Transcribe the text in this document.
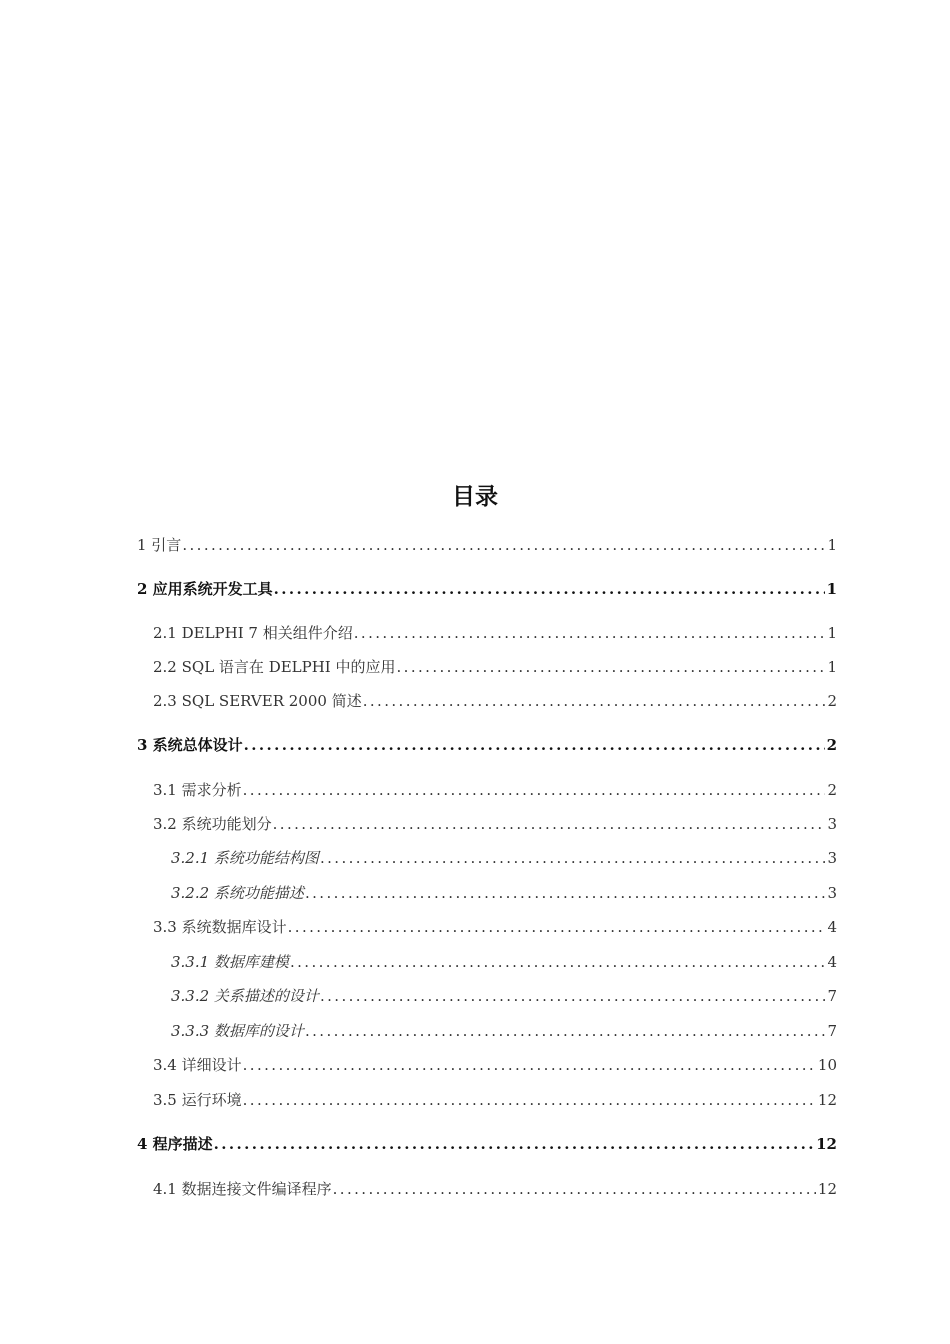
目录
1 引言 .....	1
2 应用系统开发工具 .....	1
2.1 DELPHI 7 相关组件介绍 .....	1
2.2 SQL 语言在 DELPHI 中的应用 .....	1
2.3 SQL SERVER 2000 简述 .....	2
3 系统总体设计 .....	2
3.1 需求分析 .....	2
3.2 系统功能划分 .....	3
3.2.1 系统功能结构图 .....	3
3.2.2 系统功能描述 .....	3
3.3 系统数据库设计 .....	4
3.3.1 数据库建模 .....	4
3.3.2 关系描述的设计 .....	7
3.3.3 数据库的设计 .....	7
3.4 详细设计 .....	10
3.5 运行环境 .....	12
4 程序描述 .....	12
4.1 数据连接文件编译程序 .....	12
